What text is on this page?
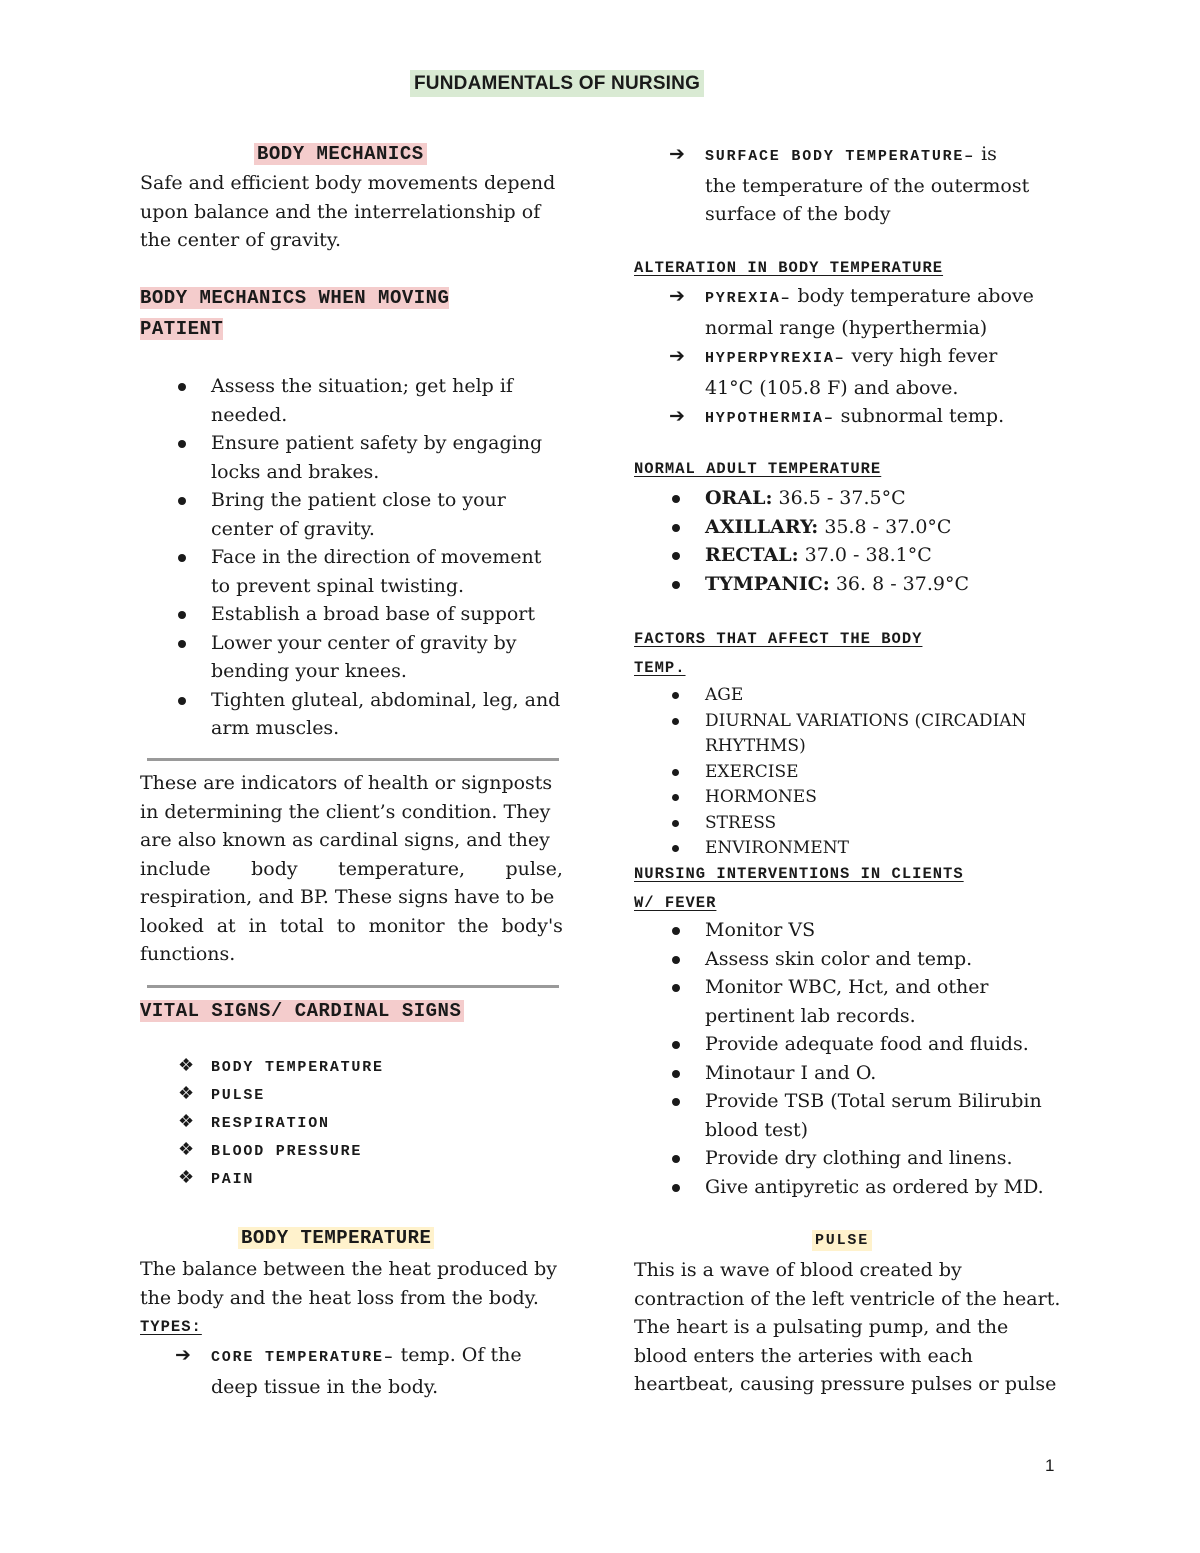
FUNDAMENTALS OF NURSING
BODY MECHANICS
Safe and efficient body movements depend
upon balance and the interrelationship of
the center of gravity.
BODY MECHANICS WHEN MOVING
PATIENT
Assess the situation; get help if
needed.
Ensure patient safety by engaging
locks and brakes.
Bring the patient close to your
center of gravity.
Face in the direction of movement
to prevent spinal twisting.
Establish a broad base of support
Lower your center of gravity by
bending your knees.
Tighten gluteal, abdominal, leg, and
arm muscles.
These are indicators of health or signposts
in determining the client’s condition. They
are also known as cardinal signs, and they
include body temperature, pulse,
respiration, and BP. These signs have to be
looked at in total to monitor the body's
functions.
VITAL SIGNS/ CARDINAL SIGNS
❖ BODY TEMPERATURE
❖ PULSE
❖ RESPIRATION
❖ BLOOD PRESSURE
❖ PAIN
BODY TEMPERATURE
The balance between the heat produced by
the body and the heat loss from the body.
TYPES:
➔ CORE TEMPERATURE– temp. Of the
deep tissue in the body.
➔ SURFACE BODY TEMPERATURE– is
the temperature of the outermost
surface of the body
ALTERATION IN BODY TEMPERATURE
➔ PYREXIA– body temperature above
normal range (hyperthermia)
➔ HYPERPYREXIA– very high fever
41°C (105.8 F) and above.
➔ HYPOTHERMIA– subnormal temp.
NORMAL ADULT TEMPERATURE
ORAL: 36.5 - 37.5°C
AXILLARY: 35.8 - 37.0°C
RECTAL: 37.0 - 38.1°C
TYMPANIC: 36. 8 - 37.9°C
FACTORS THAT AFFECT THE BODY
TEMP.
AGE
DIURNAL VARIATIONS (CIRCADIAN
RHYTHMS)
EXERCISE
HORMONES
STRESS
ENVIRONMENT
NURSING INTERVENTIONS IN CLIENTS
W/ FEVER
Monitor VS
Assess skin color and temp.
Monitor WBC, Hct, and other
pertinent lab records.
Provide adequate food and fluids.
Minotaur I and O.
Provide TSB (Total serum Bilirubin
blood test)
Provide dry clothing and linens.
Give antipyretic as ordered by MD.
PULSE
This is a wave of blood created by
contraction of the left ventricle of the heart.
The heart is a pulsating pump, and the
blood enters the arteries with each
heartbeat, causing pressure pulses or pulse
1
